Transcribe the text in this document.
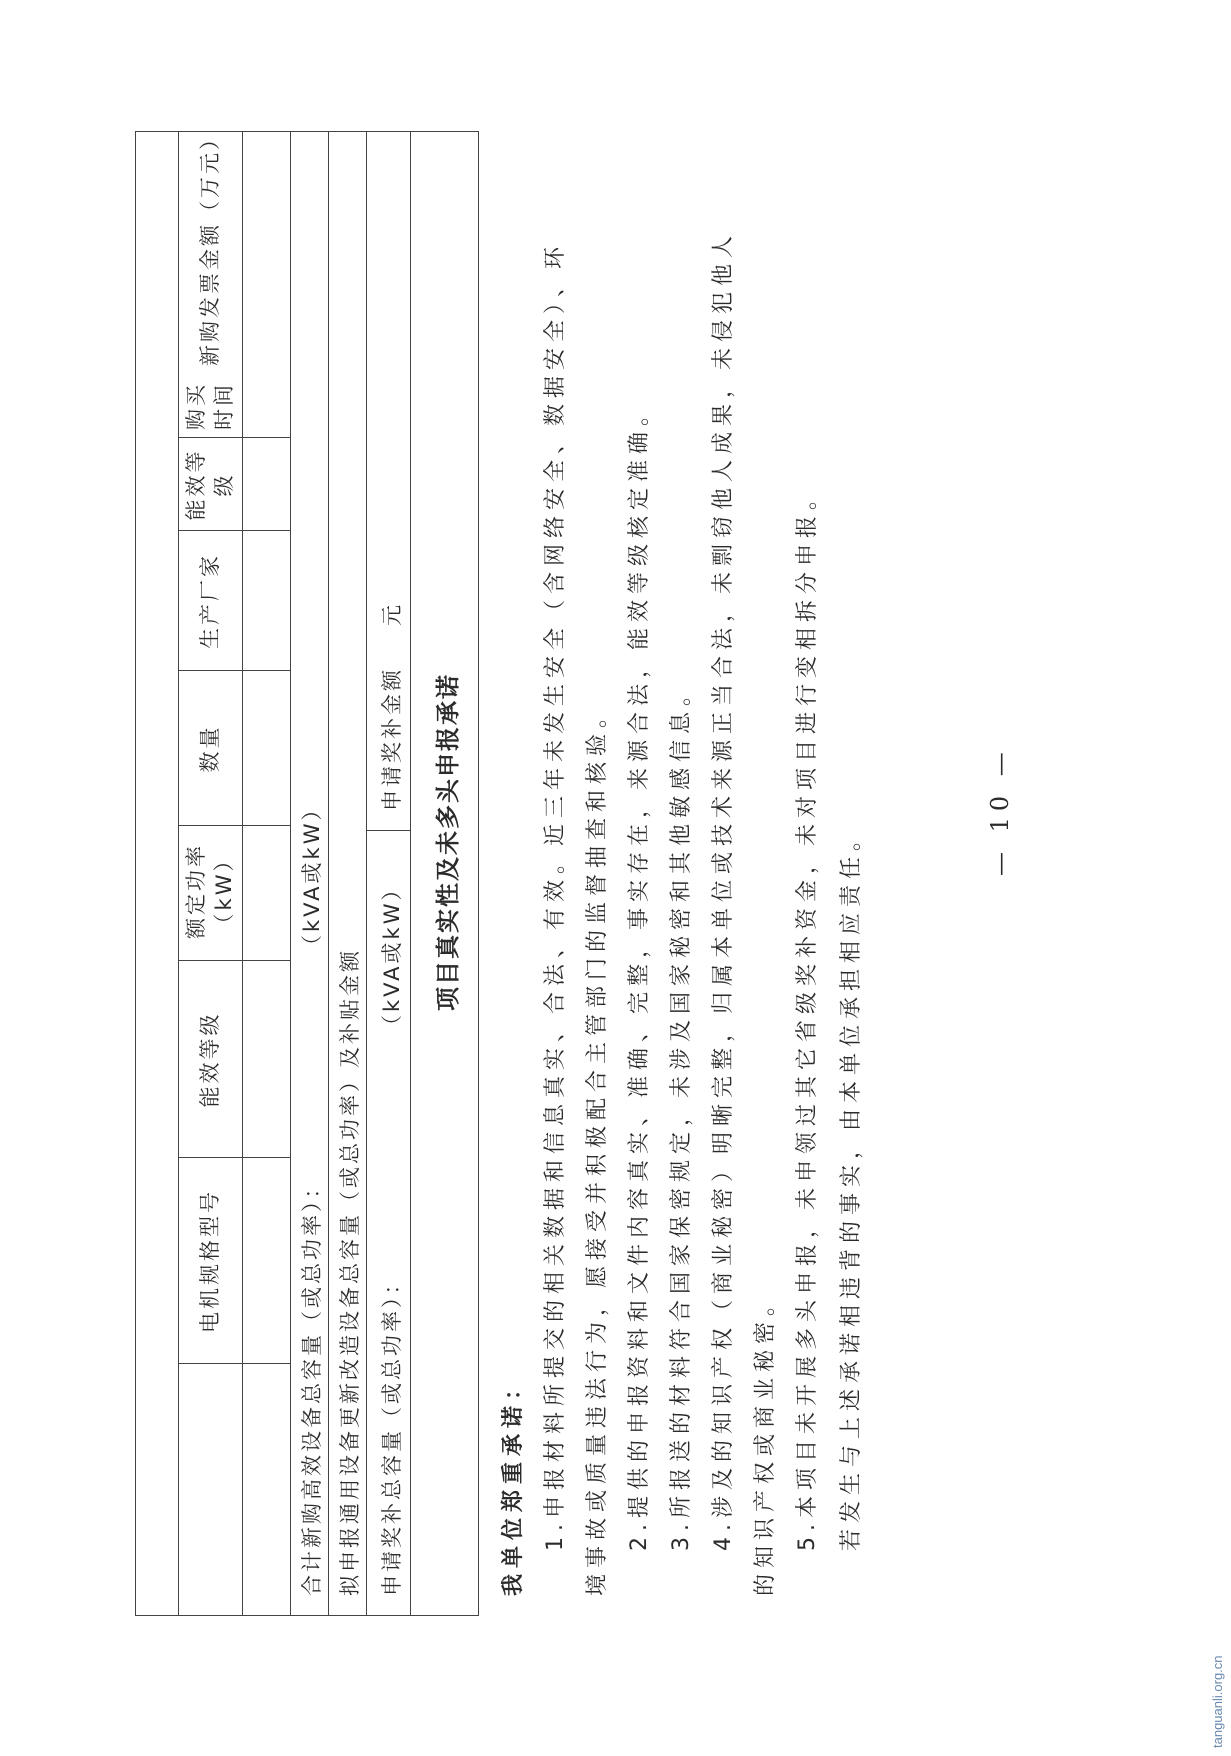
电机规格型号
能效等级
额定功率（kW）
数量
生产厂家
能效等级
购买时间
新购发票金额（万元）
合计新购高效设备总容量（或总功率）：
（kVA或kW）
拟申报通用设备更新改造设备总容量（或总功率）及补贴金额 申请奖补总容量（或总功率）：
（kVA或kW）
申请奖补金额
元
项目真实性及未多头申报承诺
我单位郑重承诺： 1.申报材料所提交的相关数据和信息真实、合法、有效。近三年未发生安全（含网络安全、数据安全）、环 境事故或质量违法行为，愿接受并积极配合主管部门的监督抽查和核验。 2.提供的申报资料和文件内容真实、准确、完整，事实存在，来源合法，能效等级核定准确。 3.所报送的材料符合国家保密规定，未涉及国家秘密和其他敏感信息。 4.涉及的知识产权（商业秘密）明晰完整，归属本单位或技术来源正当合法，未剽窃他人成果，未侵犯他人 的知识产权或商业秘密。 5.本项目未开展多头申报，未申领过其它省级奖补资金，未对项目进行变相拆分申报。 若发生与上述承诺相违背的事实，由本单位承担相应责任。
— 10 —
tanguanli.org.cn
